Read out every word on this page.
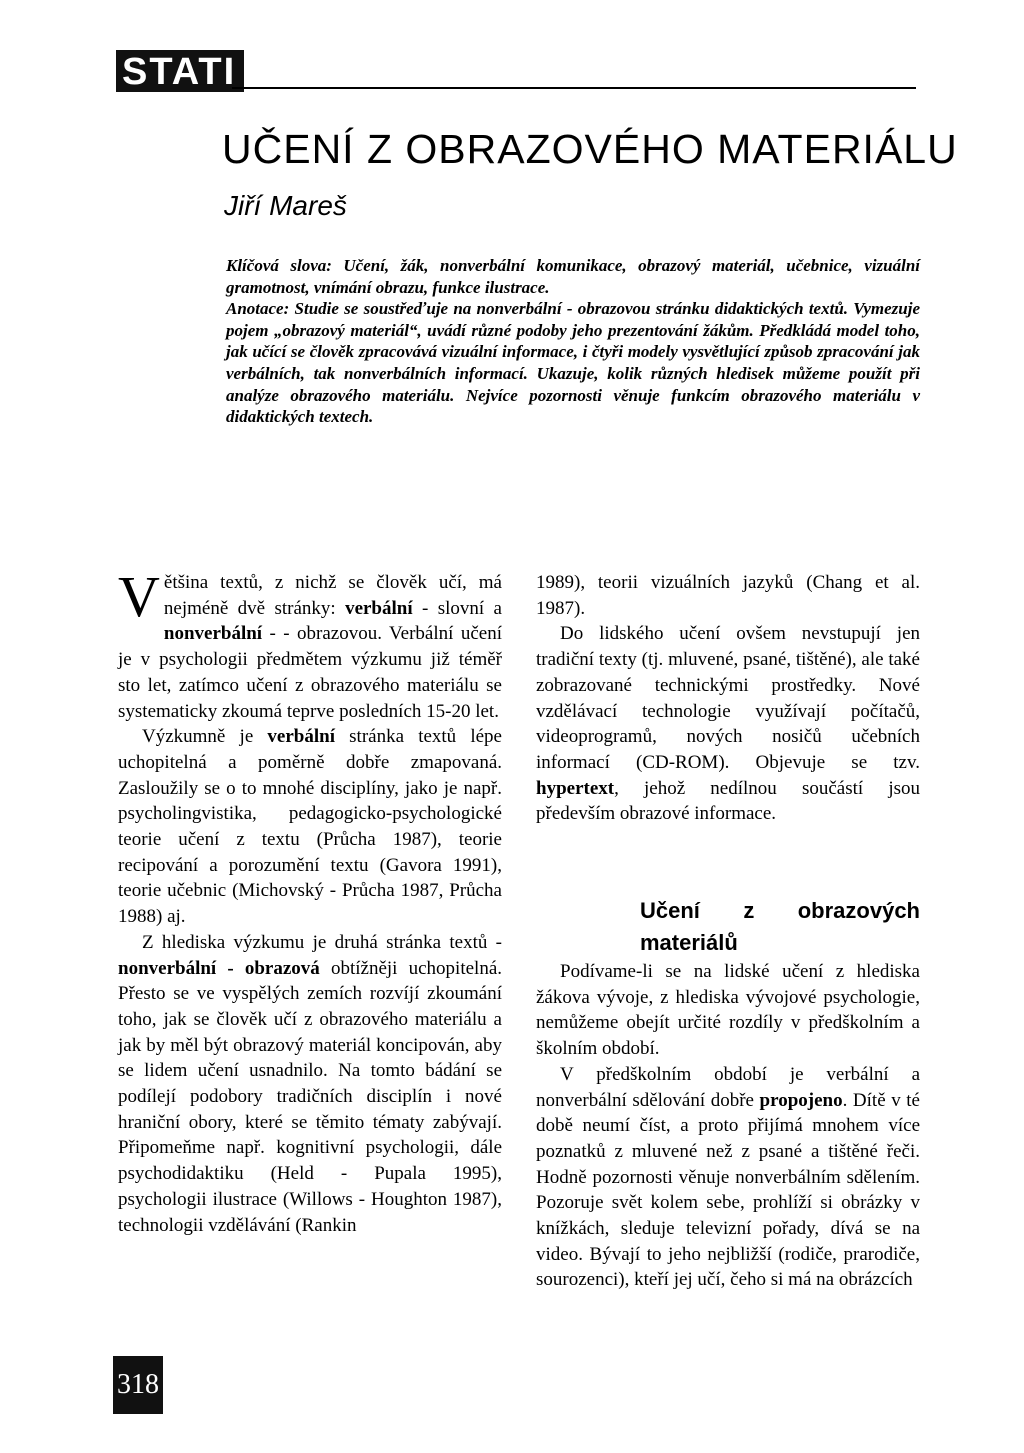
STATI
UČENÍ Z OBRAZOVÉHO MATERIÁLU
Jiří Mareš

Klíčová slova: Učení, žák, nonverbální komunikace, obrazový materiál, učebnice, vizuální gramotnost, vnímání obrazu, funkce ilustrace.

Anotace: Studie se soustřeďuje na nonverbální - obrazovou stránku didaktických textů. Vymezuje pojem „obrazový materiál“, uvádí různé podoby jeho prezentování žákům. Předkládá model toho, jak učící se člověk zpracovává vizuální informace, i čtyři modely vysvětlující způsob zpracování jak verbálních, tak nonverbálních informací. Ukazuje, kolik různých hledisek můžeme použít při analýze obrazového materiálu. Nejvíce pozornosti věnuje funkcím obrazového materiálu v didaktických textech.

Většina textů, z nichž se člověk učí, má nejméně dvě stránky: verbální - slovní a nonverbální - - obrazovou. Verbální učení je v psychologii předmětem výzkumu již téměř sto let, zatímco učení z obrazového materiálu se systematicky zkoumá teprve posledních 15-20 let.

Výzkumně je verbální stránka textů lépe uchopitelná a poměrně dobře zmapovaná. Zasloužily se o to mnohé disciplíny, jako je např. psycholingvistika, pedagogicko-psychologické teorie učení z textu (Průcha 1987), teorie recipování a porozumění textu (Gavora 1991), teorie učebnic (Michovský - Průcha 1987, Průcha 1988) aj.

Z hlediska výzkumu je druhá stránka textů - nonverbální - obrazová obtížněji uchopitelná. Přesto se ve vyspělých zemích rozvíjí zkoumání toho, jak se člověk učí z obrazového materiálu a jak by měl být obrazový materiál koncipován, aby se lidem učení usnadnilo. Na tomto bádání se podílejí podobory tradičních disciplín i nové hraniční obory, které se těmito tématy zabývají. Připomeňme např. kognitivní psychologii, dále psychodidaktiku (Held - Pupala 1995), psychologii ilustrace (Willows - Houghton 1987), technologii vzdělávání (Rankin

1989), teorii vizuálních jazyků (Chang et al. 1987).

Do lidského učení ovšem nevstupují jen tradiční texty (tj. mluvené, psané, tištěné), ale také zobrazované technickými prostředky. Nové vzdělávací technologie využívají počítačů, videoprogramů, nových nosičů učebních informací (CD-ROM). Objevuje se tzv. hypertext, jehož nedílnou součástí jsou především obrazové informace.

Učení z obrazových materiálů

Podívame-li se na lidské učení z hlediska žákova vývoje, z hlediska vývojové psychologie, nemůžeme obejít určité rozdíly v předškolním a školním období.

V předškolním období je verbální a nonverbální sdělování dobře propojeno. Dítě v té době neumí číst, a proto přijímá mnohem více poznatků z mluvené než z psané a tištěné řeči. Hodně pozornosti věnuje nonverbálním sdělením. Pozoruje svět kolem sebe, prohlíží si obrázky v knížkách, sleduje televizní pořady, dívá se na video. Bývají to jeho nejbližší (rodiče, prarodiče, sourozenci), kteří jej učí, čeho si má na obrázcích

318
